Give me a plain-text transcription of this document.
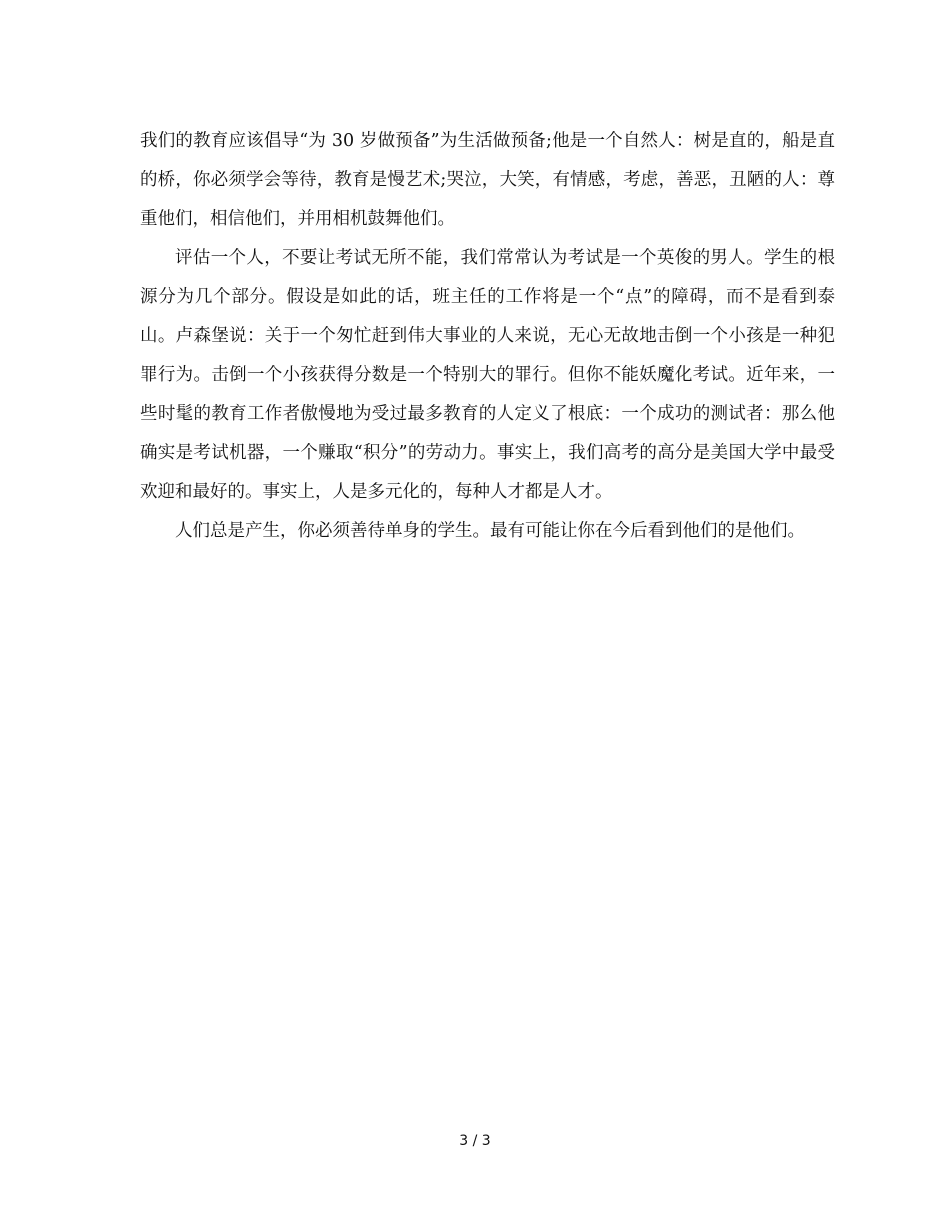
我们的教育应该倡导“为 30 岁做预备”为生活做预备;他是一个自然人：树是直的，船是直的桥，你必须学会等待，教育是慢艺术;哭泣，大笑，有情感，考虑，善恶，丑陋的人：尊重他们，相信他们，并用相机鼓舞他们。

评估一个人，不要让考试无所不能，我们常常认为考试是一个英俊的男人。学生的根源分为几个部分。假设是如此的话，班主任的工作将是一个“点”的障碍，而不是看到泰山。卢森堡说：关于一个匆忙赶到伟大事业的人来说，无心无故地击倒一个小孩是一种犯罪行为。击倒一个小孩获得分数是一个特别大的罪行。但你不能妖魔化考试。近年来，一些时髦的教育工作者傲慢地为受过最多教育的人定义了根底：一个成功的测试者：那么他确实是考试机器，一个赚取“积分”的劳动力。事实上，我们高考的高分是美国大学中最受欢迎和最好的。事实上，人是多元化的，每种人才都是人才。

人们总是产生，你必须善待单身的学生。最有可能让你在今后看到他们的是他们。

3 / 3
